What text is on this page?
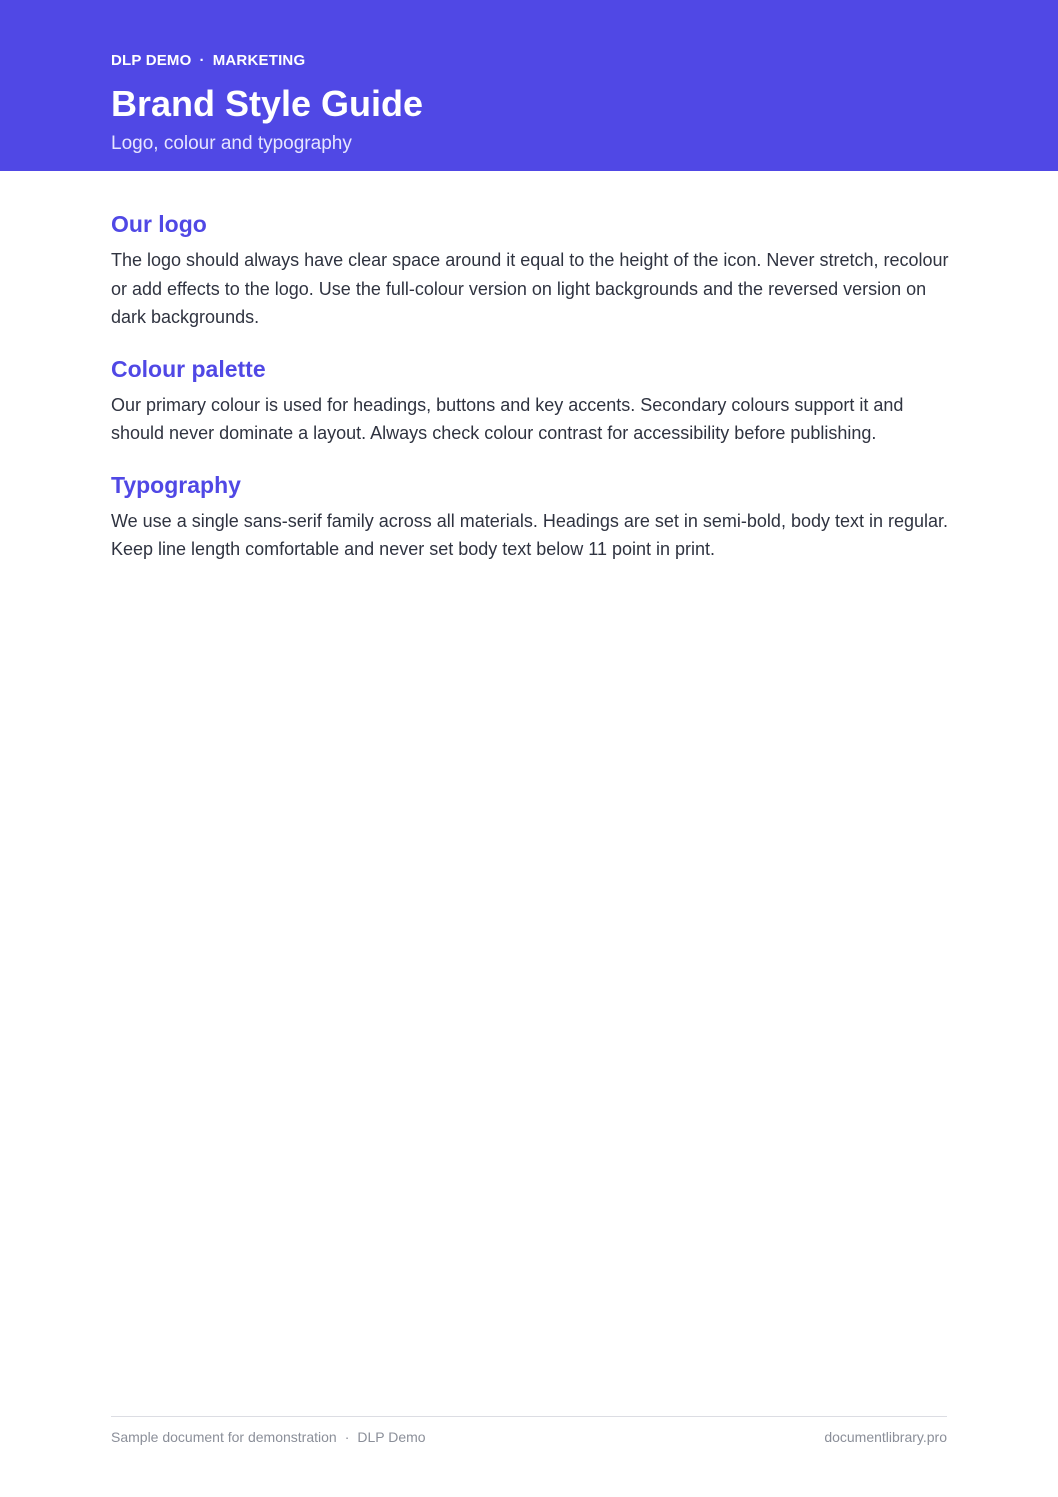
DLP DEMO · MARKETING
Brand Style Guide
Logo, colour and typography
Our logo

The logo should always have clear space around it equal to the height of the icon. Never stretch, recolour or add effects to the logo. Use the full-colour version on light backgrounds and the reversed version on dark backgrounds.

Colour palette

Our primary colour is used for headings, buttons and key accents. Secondary colours support it and should never dominate a layout. Always check colour contrast for accessibility before publishing.

Typography

We use a single sans-serif family across all materials. Headings are set in semi-bold, body text in regular. Keep line length comfortable and never set body text below 11 point in print.

Sample document for demonstration · DLP Demo	documentlibrary.pro
